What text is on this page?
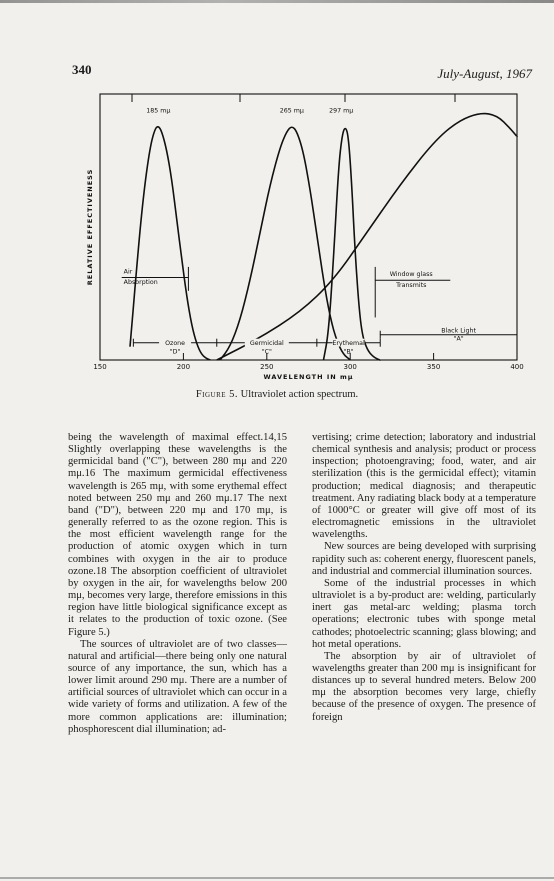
340	July-August, 1967
RELATIVE EFFECTIVENESS
150	200	250	300	350	400
WAVELENGTH IN mμ
185 mμ	265 mμ	297 mμ
Air
Absorption
Window glass
Transmits
Black Light
"A"
Ozone
"D"
Germicidal
"C"
Erythemal
"B"
Figure 5. Ultraviolet action spectrum.

being the wavelength of maximal effect.14,15 Slightly overlapping these wavelengths is the germicidal band ("C"), between 280 mμ and 220 mμ.16 The maximum germicidal effectiveness wavelength is 265 mμ, with some erythemal effect noted between 250 mμ and 260 mμ.17 The next band ("D"), between 220 mμ and 170 mμ, is generally referred to as the ozone region. This is the most efficient wavelength range for the production of atomic oxygen which in turn combines with oxygen in the air to produce ozone.18 The absorption coefficient of ultraviolet by oxygen in the air, for wavelengths below 200 mμ, becomes very large, therefore emissions in this region have little biological significance except as it relates to the production of toxic ozone. (See Figure 5.)

The sources of ultraviolet are of two classes—natural and artificial—there being only one natural source of any importance, the sun, which has a lower limit around 290 mμ. There are a number of artificial sources of ultraviolet which can occur in a wide variety of forms and utilization. A few of the more common applications are: illumination; phosphorescent dial illumination; ad-

vertising; crime detection; laboratory and industrial chemical synthesis and analysis; product or process inspection; photoengraving; food, water, and air sterilization (this is the germicidal effect); vitamin production; medical diagnosis; and therapeutic treatment. Any radiating black body at a temperature of 1000°C or greater will give off most of its electromagnetic emissions in the ultraviolet wavelengths.

New sources are being developed with surprising rapidity such as: coherent energy, fluorescent panels, and industrial and commercial illumination sources.

Some of the industrial processes in which ultraviolet is a by-product are: welding, particularly inert gas metal-arc welding; plasma torch operations; electronic tubes with sponge metal cathodes; photoelectric scanning; glass blowing; and hot metal operations.

The absorption by air of ultraviolet of wavelengths greater than 200 mμ is insignificant for distances up to several hundred meters. Below 200 mμ the absorption becomes very large, chiefly because of the presence of oxygen. The presence of foreign
